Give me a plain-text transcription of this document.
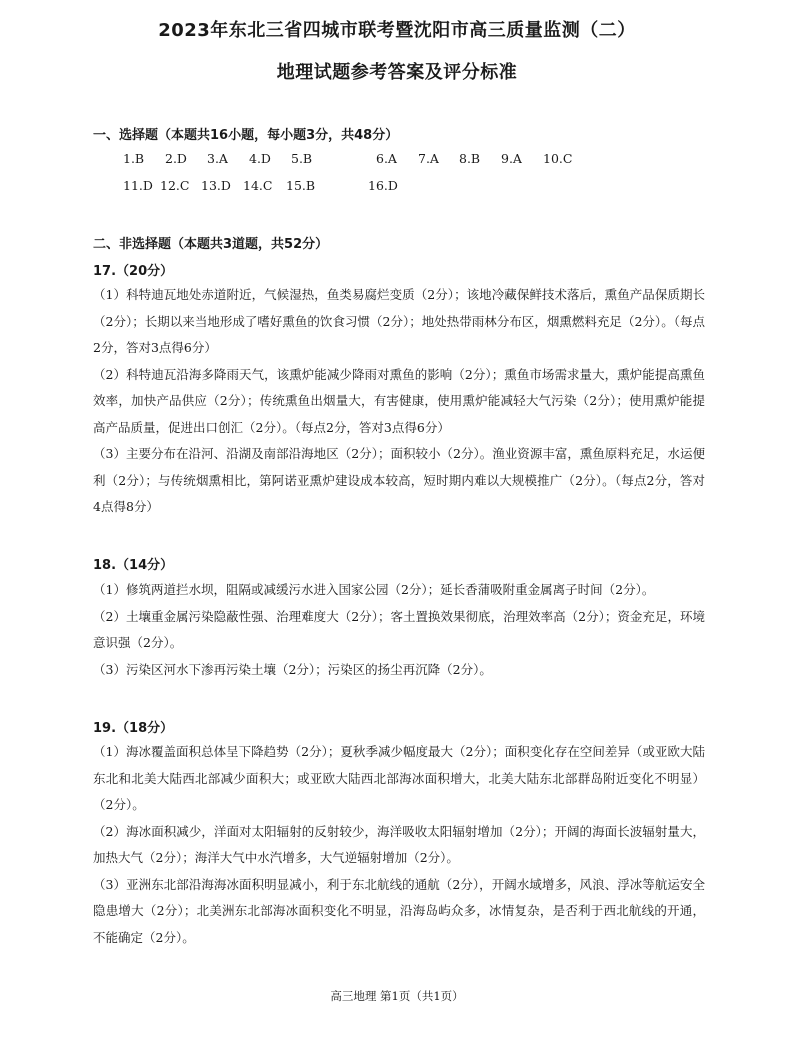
2023年东北三省四城市联考暨沈阳市高三质量监测（二）
地理试题参考答案及评分标准
一、选择题（本题共16小题，每小题3分，共48分）
1.B 2.D 3.A 4.D 5.B	6.A 7.A 8.B 9.A 10.C
11.D 12.C 13.D 14.C 15.B	16.D
二、非选择题（本题共3道题，共52分）
17.（20分）
（1）科特迪瓦地处赤道附近，气候湿热，鱼类易腐烂变质（2分）；该地冷藏保鲜技术落后，熏鱼产品保质期长（2分）；长期以来当地形成了嗜好熏鱼的饮食习惯（2分）；地处热带雨林分布区，烟熏燃料充足（2分）。（每点2分，答对3点得6分）
（2）科特迪瓦沿海多降雨天气，该熏炉能减少降雨对熏鱼的影响（2分）；熏鱼市场需求量大，熏炉能提高熏鱼效率，加快产品供应（2分）；传统熏鱼出烟量大，有害健康，使用熏炉能减轻大气污染（2分）；使用熏炉能提高产品质量，促进出口创汇（2分）。（每点2分，答对3点得6分）
（3）主要分布在沿河、沿湖及南部沿海地区（2分）；面积较小（2分）。渔业资源丰富，熏鱼原料充足，水运便利（2分）；与传统烟熏相比，第阿诺亚熏炉建设成本较高，短时期内难以大规模推广（2分）。（每点2分，答对4点得8分）
18.（14分）
（1）修筑两道拦水坝，阻隔或减缓污水进入国家公园（2分）；延长香蒲吸附重金属离子时间（2分）。
（2）土壤重金属污染隐蔽性强、治理难度大（2分）；客土置换效果彻底，治理效率高（2分）；资金充足，环境意识强（2分）。
（3）污染区河水下渗再污染土壤（2分）；污染区的扬尘再沉降（2分）。
19.（18分）
（1）海冰覆盖面积总体呈下降趋势（2分）；夏秋季减少幅度最大（2分）；面积变化存在空间差异（或亚欧大陆东北和北美大陆西北部减少面积大；或亚欧大陆西北部海冰面积增大，北美大陆东北部群岛附近变化不明显）（2分）。
（2）海冰面积减少，洋面对太阳辐射的反射较少，海洋吸收太阳辐射增加（2分）；开阔的海面长波辐射量大，加热大气（2分）；海洋大气中水汽增多，大气逆辐射增加（2分）。
（3）亚洲东北部沿海海冰面积明显减小，利于东北航线的通航（2分），开阔水域增多，风浪、浮冰等航运安全隐患增大（2分）；北美洲东北部海冰面积变化不明显，沿海岛屿众多，冰情复杂，是否利于西北航线的开通，不能确定（2分）。
高三地理 第1页（共1页）
